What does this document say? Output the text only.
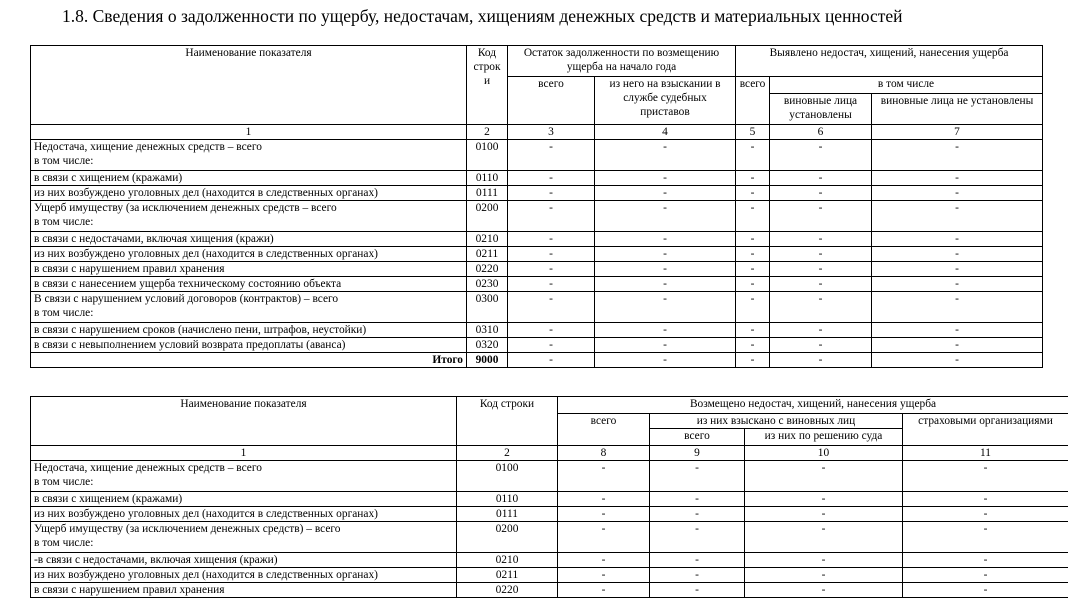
1.8. Сведения о задолженности по ущербу, недостачам, хищениям денежных средств и материальных ценностей
Наименование показателя	Код строк и	Остаток задолженности по возмещению ущерба на начало года		Выявлено недостач, хищений, нанесения ущерба		
		всего	из него на взыскании в службе судебных приставов	всего	в том числе	
					виновные лица установлены	виновные лица не установлены
1	2	3	4	5	6	7

Недостача, хищение денежных средств – всего
в том числе:	0100	-	-	-	-	-

в связи с хищением (кражами)	0110	-	-	-	-	-

из них возбуждено уголовных дел (находится в следственных органах)	0111	-	-	-	-	-

Ущерб имуществу (за исключением денежных средств – всего
в том числе:	0200	-	-	-	-	-

в связи с недостачами, включая хищения (кражи)	0210	-	-	-	-	-

из них возбуждено уголовных дел (находится в следственных органах)	0211	-	-	-	-	-

в связи с нарушением правил хранения	0220	-	-	-	-	-

в связи с нанесением ущерба техническому состоянию объекта	0230	-	-	-	-	-

В связи с нарушением условий договоров (контрактов) – всего
в том числе:	0300	-	-	-	-	-

в связи с нарушением сроков (начислено пени, штрафов, неустойки)	0310	-	-	-	-	-

в связи с невыполнением условий возврата предоплаты (аванса)	0320	-	-	-	-	-
Итого	9000	-	-	-	-	-
Наименование показателя	Код строки	Возмещено недостач, хищений, нанесения ущерба			
		всего	из них взыскано с виновных лиц		страховыми организациями
			всего	из них по решению суда	
1	2	8	9	10	11

Недостача, хищение денежных средств – всего
в том числе:	0100	-	-	-	-

в связи с хищением (кражами)	0110	-	-	-	-

из них возбуждено уголовных дел (находится в следственных органах)	0111	-	-	-	-

Ущерб имуществу (за исключением денежных средств) – всего
в том числе:	0200	-	-	-	-

-в связи с недостачами, включая хищения (кражи)	0210	-	-	-	-

из них возбуждено уголовных дел (находится в следственных органах)	0211	-	-	-	-

в связи с нарушением правил хранения	0220	-	-	-	-
